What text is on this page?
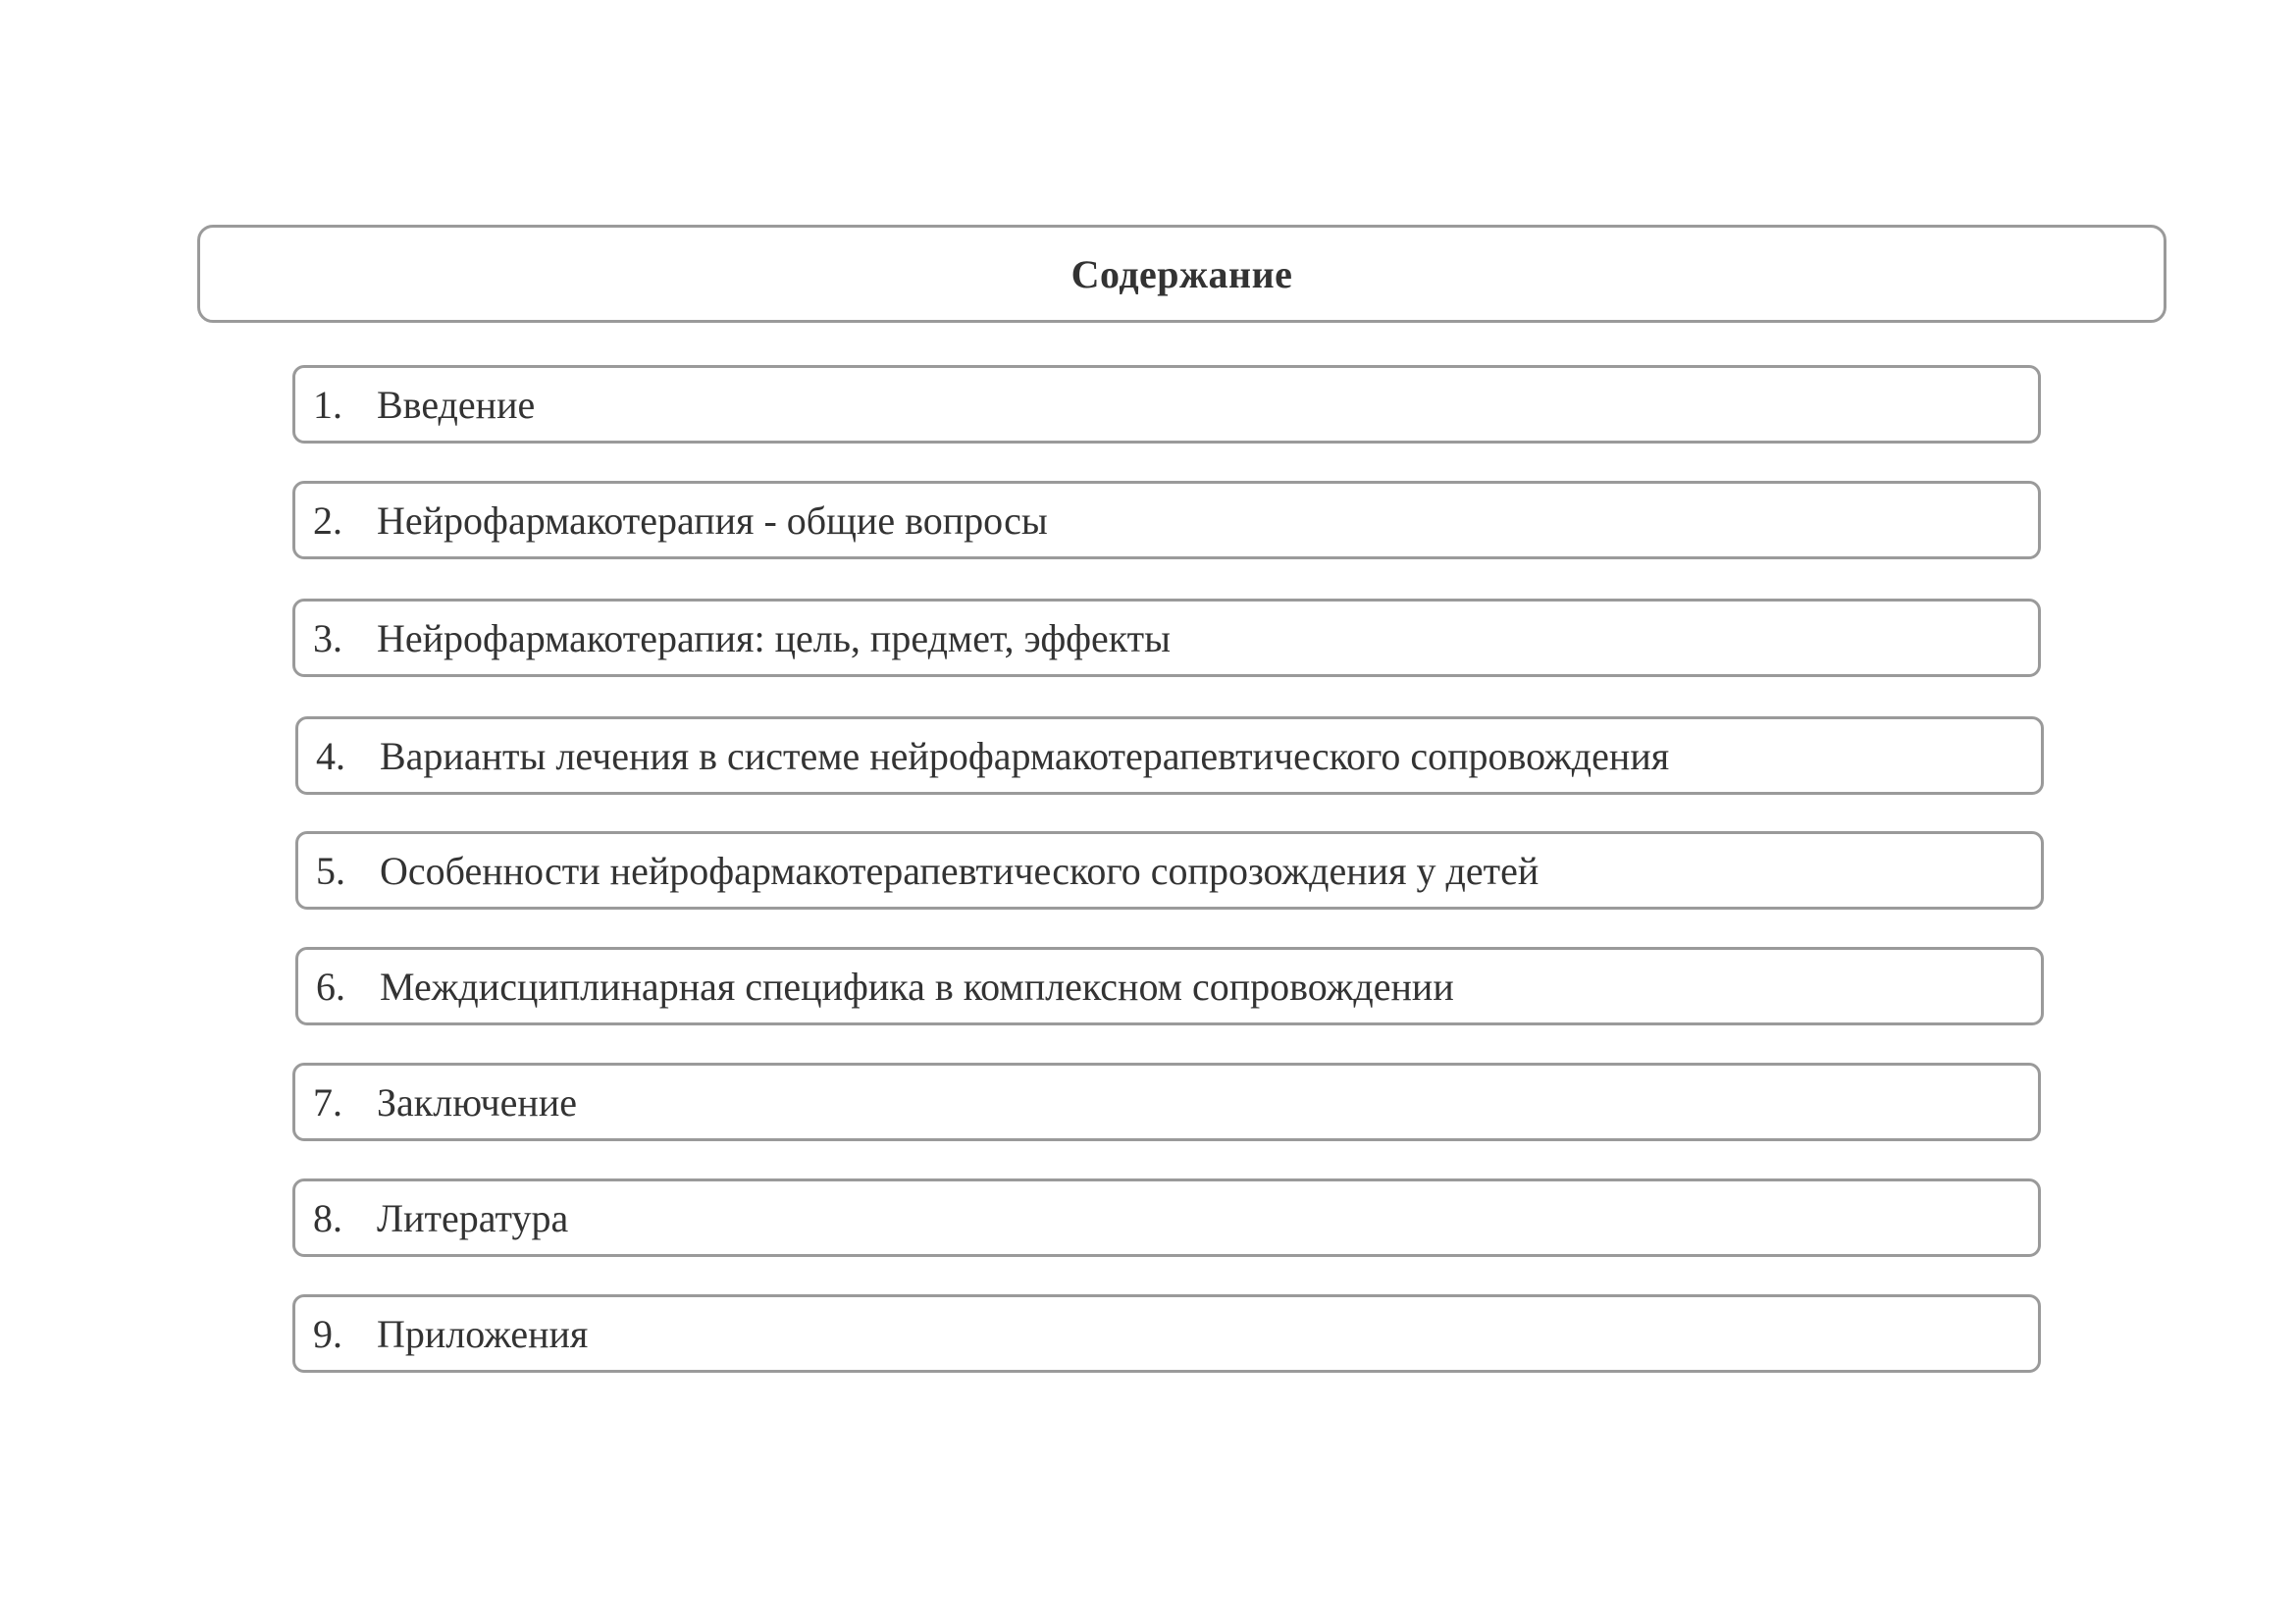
Содержание
1. Введение
2. Нейрофармакотерапия - общие вопросы
3. Нейрофармакотерапия: цель, предмет, эффекты
4. Варианты лечения в системе нейрофармакотерапевтического сопровождения
5. Особенности нейрофармакотерапевтического сопрозождения у детей
6. Междисциплинарная специфика в комплексном сопровождении
7. Заключение
8. Литература
9. Приложения
